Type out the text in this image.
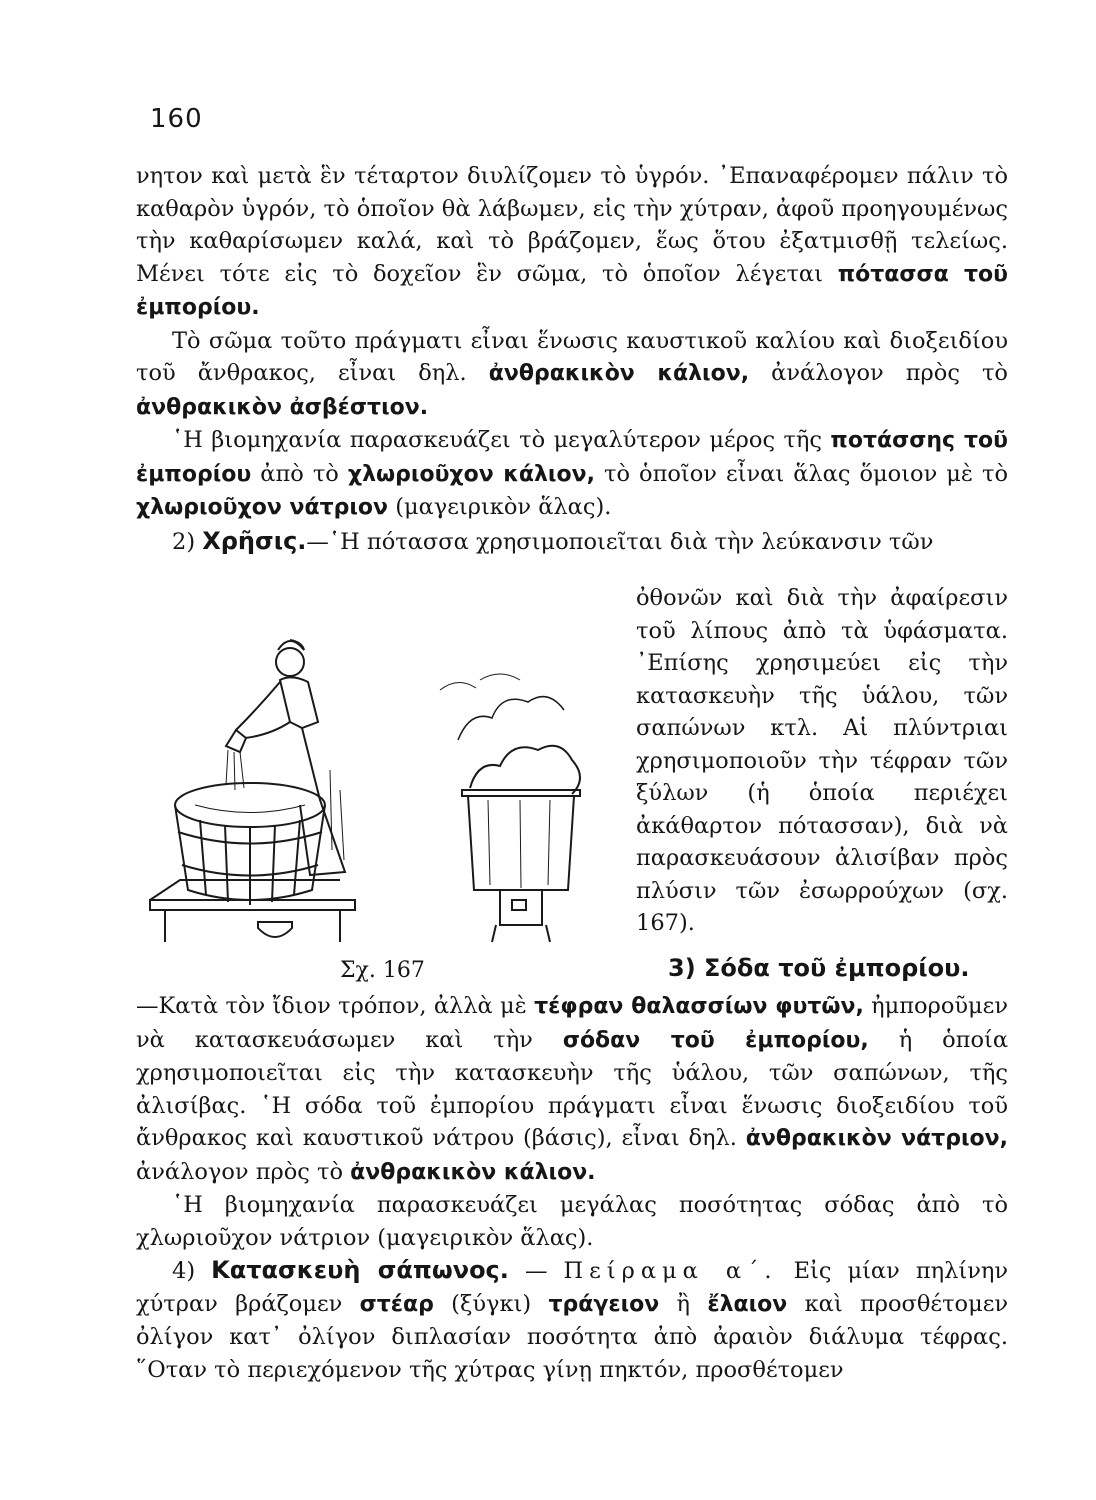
160

νητον καὶ μετὰ ἓν τέταρτον διυλίζομεν τὸ ὑγρόν. ᾿Επαναφέρομεν πάλιν τὸ καθαρὸν ὑγρόν, τὸ ὁποῖον θὰ λάβωμεν, εἰς τὴν χύτραν, ἀφοῦ προηγουμένως τὴν καθαρίσωμεν καλά, καὶ τὸ βράζομεν, ἕως ὅτου ἐξατμισθῇ τελείως. Μένει τότε εἰς τὸ δοχεῖον ἓν σῶμα, τὸ ὁποῖον λέγεται πότασσα τοῦ ἐμπορίου.

Τὸ σῶμα τοῦτο πράγματι εἶναι ἕνωσις καυστικοῦ καλίου καὶ διοξειδίου τοῦ ἄνθρακος, εἶναι δηλ. ἀνθρακικὸν κάλιον, ἀνάλογον πρὸς τὸ ἀνθρακικὸν ἀσβέστιον.

῾Η βιομηχανία παρασκευάζει τὸ μεγαλύτερον μέρος τῆς ποτάσσης τοῦ ἐμπορίου ἀπὸ τὸ χλωριοῦχον κάλιον, τὸ ὁποῖον εἶναι ἅλας ὅμοιον μὲ τὸ χλωριοῦχον νάτριον (μαγειρικὸν ἅλας).

2) Χρῆσις.—῾Η πότασσα χρησιμοποιεῖται διὰ τὴν λεύκανσιν τῶν

ὀθονῶν καὶ διὰ τὴν ἀφαίρεσιν τοῦ λίπους ἀπὸ τὰ ὑφάσματα. ᾿Επίσης χρησιμεύει εἰς τὴν κατασκευὴν τῆς ὑάλου, τῶν σαπώνων κτλ. Αἱ πλύντριαι χρησιμοποιοῦν τὴν τέφραν τῶν ξύλων (ἡ ὁποία περιέχει ἀκάθαρτον πότασσαν), διὰ νὰ παρασκευάσουν ἀλισίβαν πρὸς πλύσιν τῶν ἐσωρρούχων (σχ. 167).

Σχ. 167	3) Σόδα τοῦ ἐμπορίου.

—Κατὰ τὸν ἴδιον τρόπον, ἀλλὰ μὲ τέφραν θαλασσίων φυτῶν, ἠμποροῦμεν νὰ κατασκευάσωμεν καὶ τὴν σόδαν τοῦ ἐμπορίου, ἡ ὁποία χρησιμοποιεῖται εἰς τὴν κατασκευὴν τῆς ὑάλου, τῶν σαπώνων, τῆς ἀλισίβας. ῾Η σόδα τοῦ ἐμπορίου πράγματι εἶναι ἕνωσις διοξειδίου τοῦ ἄνθρακος καὶ καυστικοῦ νάτρου (βάσις), εἶναι δηλ. ἀνθρακικὸν νάτριον, ἀνάλογον πρὸς τὸ ἀνθρακικὸν κάλιον.

῾Η βιομηχανία παρασκευάζει μεγάλας ποσότητας σόδας ἀπὸ τὸ χλωριοῦχον νάτριον (μαγειρικὸν ἅλας).

4) Κατασκευὴ σάπωνος. — Πείραμα α΄. Εἰς μίαν πηλίνην χύτραν βράζομεν στέαρ (ξύγκι) τράγειον ἢ ἔλαιον καὶ προσθέτομεν ὀλίγον κατ᾿ ὀλίγον διπλασίαν ποσότητα ἀπὸ ἀραιὸν διάλυμα τέφρας. ῞Οταν τὸ περιεχόμενον τῆς χύτρας γίνῃ πηκτόν, προσθέτομεν
